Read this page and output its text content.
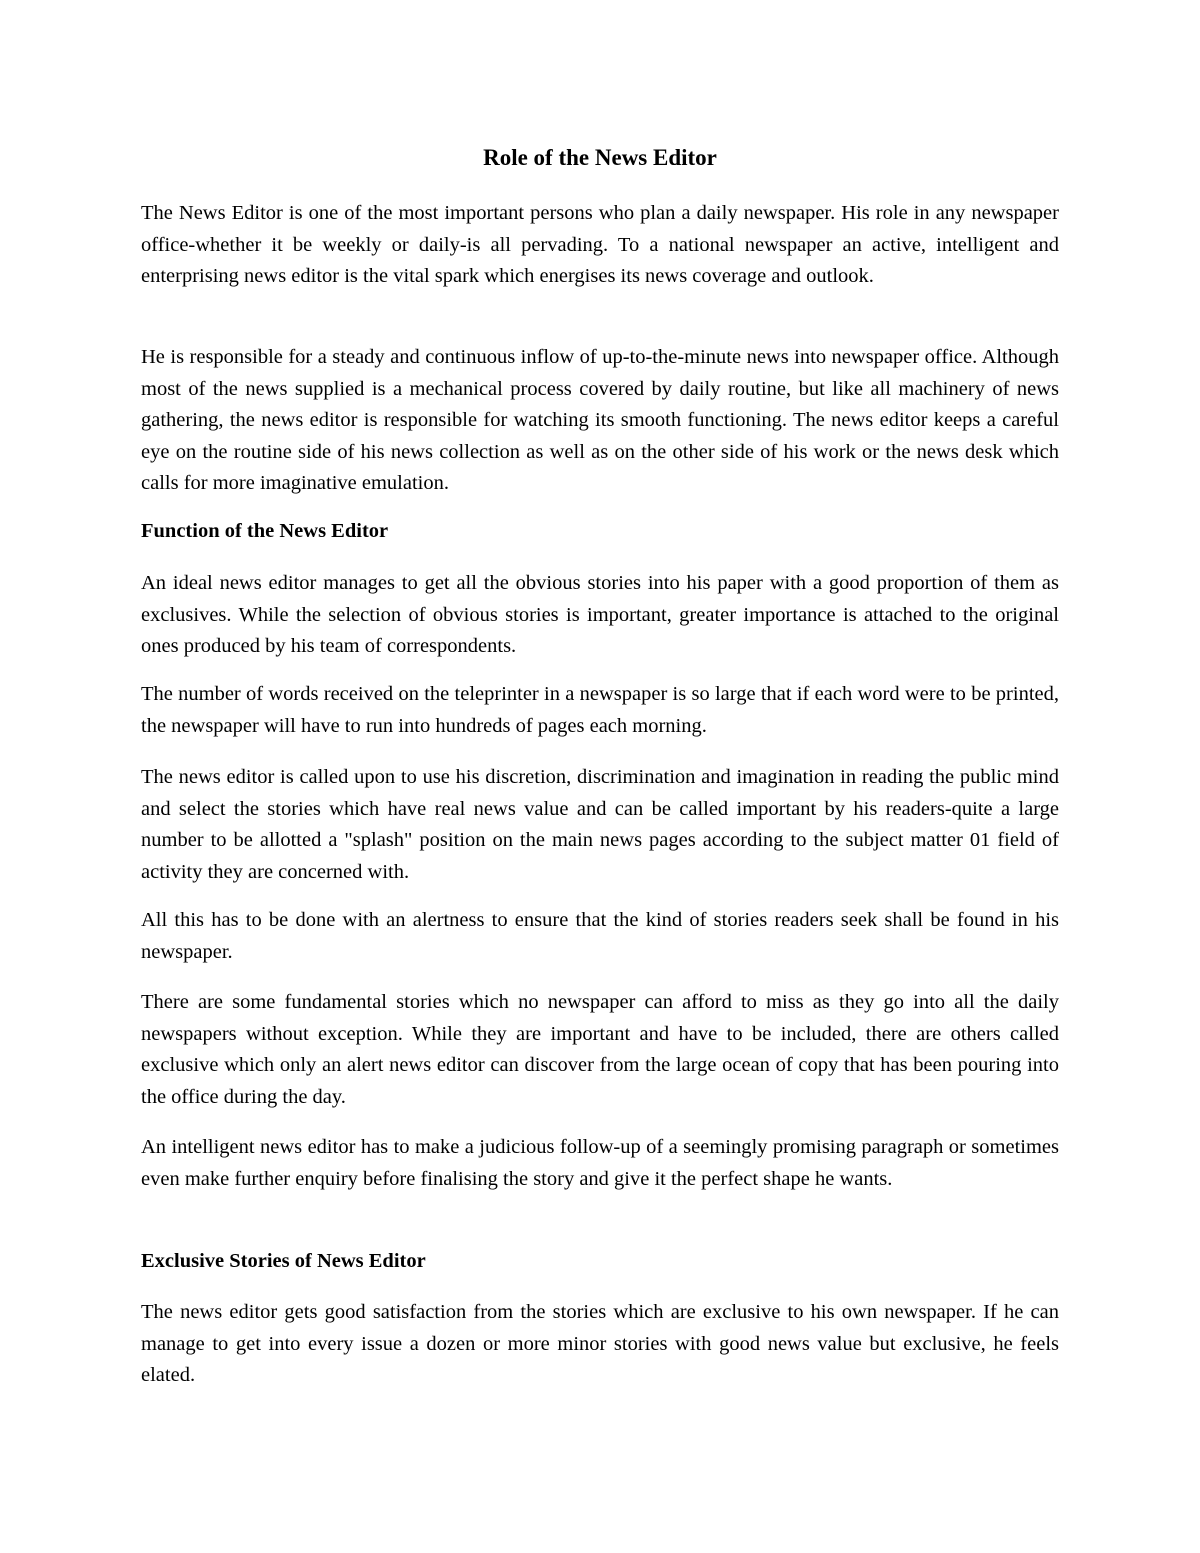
Role of the News Editor

The News Editor is one of the most important persons who plan a daily newspaper. His role in any newspaper office-whether it be weekly or daily-is all pervading. To a national newspaper an active, intelligent and enterprising news editor is the vital spark which energises its news coverage and outlook.

He is responsible for a steady and continuous inflow of up-to-the-minute news into newspaper office. Although most of the news supplied is a mechanical process covered by daily routine, but like all machinery of news gathering, the news editor is responsible for watching its smooth functioning. The news editor keeps a careful eye on the routine side of his news collection as well as on the other side of his work or the news desk which calls for more imaginative emulation.

Function of the News Editor

An ideal news editor manages to get all the obvious stories into his paper with a good proportion of them as exclusives. While the selection of obvious stories is important, greater importance is attached to the original ones produced by his team of correspondents.

The number of words received on the teleprinter in a newspaper is so large that if each word were to be printed, the newspaper will have to run into hundreds of pages each morning.

The news editor is called upon to use his discretion, discrimination and imagination in reading the public mind and select the stories which have real news value and can be called important by his readers-quite a large number to be allotted a "splash" position on the main news pages according to the subject matter 01 field of activity they are concerned with.

All this has to be done with an alertness to ensure that the kind of stories readers seek shall be found in his newspaper.

There are some fundamental stories which no newspaper can afford to miss as they go into all the daily newspapers without exception. While they are important and have to be included, there are others called exclusive which only an alert news editor can discover from the large ocean of copy that has been pouring into the office during the day.

An intelligent news editor has to make a judicious follow-up of a seemingly promising paragraph or sometimes even make further enquiry before finalising the story and give it the perfect shape he wants.

Exclusive Stories of News Editor

The news editor gets good satisfaction from the stories which are exclusive to his own newspaper. If he can manage to get into every issue a dozen or more minor stories with good news value but exclusive, he feels elated.
